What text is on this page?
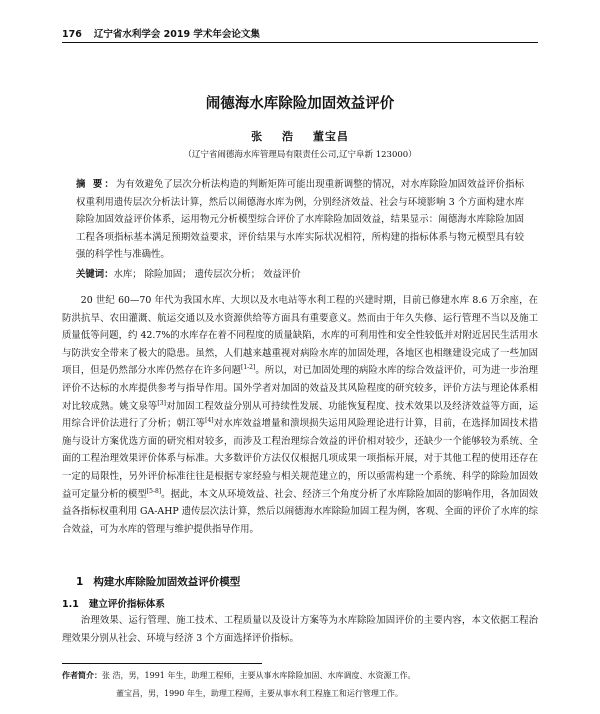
176 辽宁省水利学会 2019 学术年会论文集
闹德海水库除险加固效益评价
张 浩 董宝昌
（辽宁省闹德海水库管理局有限责任公司,辽宁阜新 123000）
摘 要：为有效避免了层次分析法构造的判断矩阵可能出现重新调整的情况，对水库除险加固效益评价指标权重利用遗传层次分析法计算，然后以闹德海水库为例，分别经济效益、社会与环境影响 3 个方面构建水库除险加固效益评价体系，运用物元分析模型综合评价了水库除险加固效益，结果显示：闹德海水库除险加固工程各项指标基本满足预期效益要求，评价结果与水库实际状况相符，所构建的指标体系与物元模型具有较强的科学性与准确性。
关键词：水库； 除险加固； 遗传层次分析； 效益评价

20 世纪 60—70 年代为我国水库、大坝以及水电站等水利工程的兴建时期，目前已修建水库 8.6 万余座，在防洪抗旱、农田灌溉、航运交通以及水资源供给等方面具有重要意义。然而由于年久失修、运行管理不当以及施工质量低等问题，约 42.7%的水库存在着不同程度的质量缺陷，水库的可利用性和安全性较低并对附近居民生活用水与防洪安全带来了极大的隐患。虽然，人们越来越重视对病险水库的加固处理，各地区也相继建设完成了一些加固项目，但是仍然部分水库仍然存在许多问题[1-2]。所以，对已加固处理的病险水库的综合效益评价，可为进一步治理评价不达标的水库提供参考与指导作用。国外学者对加固的效益及其风险程度的研究较多，评价方法与理论体系相对比较成熟。姚文泉等[3]对加固工程效益分别从可持续性发展、功能恢复程度、技术效果以及经济效益等方面，运用综合评价法进行了分析；朝江等[4]对水库效益增量和溃坝损失运用风险理论进行计算，目前，在选择加固技术措施与设计方案优选方面的研究相对较多，而涉及工程治理综合效益的评价相对较少，还缺少一个能够较为系统、全面的工程治理效果评价体系与标准。大多数评价方法仅仅根据几项成果一项指标开展，对于其他工程的使用还存在一定的局限性，另外评价标准往往是根据专家经验与相关规范建立的，所以亟需构建一个系统、科学的除险加固效益可定量分析的模型[5-8]。据此，本文从环境效益、社会、经济三个角度分析了水库除险加固的影响作用，各加固效益各指标权重利用 GA-AHP 遗传层次法计算，然后以闹德海水库除险加固工程为例，客观、全面的评价了水库的综合效益，可为水库的管理与维护提供指导作用。

1 构建水库除险加固效益评价模型
1.1 建立评价指标体系

治理效果、运行管理、施工技术、工程质量以及设计方案等为水库除险加固评价的主要内容，本文依据工程治理效果分别从社会、环境与经济 3 个方面选择评价指标。

作者简介：张 浩，男，1991 年生，助理工程师，主要从事水库除险加固、水库调度、水资源工作。
董宝昌，男，1990 年生，助理工程师，主要从事水利工程施工和运行管理工作。
